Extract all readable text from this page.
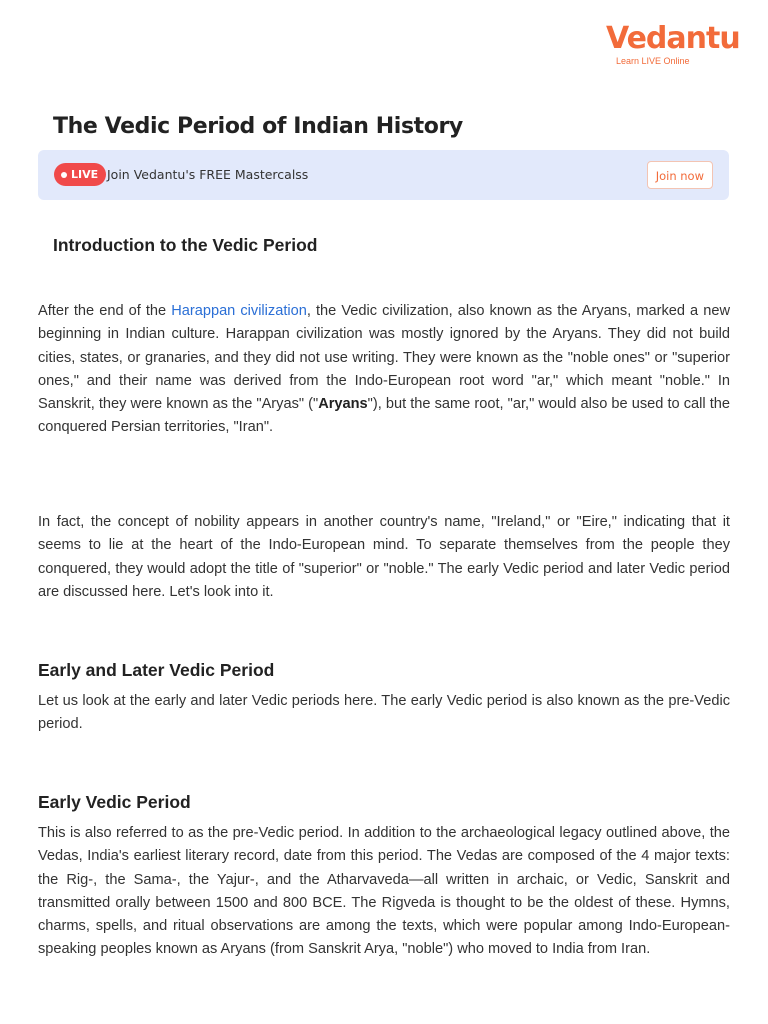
Vedantu
Learn LIVE Online
The Vedic Period of Indian History
LIVE Join Vedantu's FREE Mastercalss	Join now
Introduction to the Vedic Period

After the end of the Harappan civilization, the Vedic civilization, also known as the Aryans, marked a new beginning in Indian culture. Harappan civilization was mostly ignored by the Aryans. They did not build cities, states, or granaries, and they did not use writing. They were known as the "noble ones" or "superior ones," and their name was derived from the Indo-European root word "ar," which meant "noble." In Sanskrit, they were known as the "Aryas" ("Aryans"), but the same root, "ar," would also be used to call the conquered Persian territories, "Iran".

In fact, the concept of nobility appears in another country's name, "Ireland," or "Eire," indicating that it seems to lie at the heart of the Indo-European mind. To separate themselves from the people they conquered, they would adopt the title of "superior" or "noble." The early Vedic period and later Vedic period are discussed here. Let's look into it.

Early and Later Vedic Period

Let us look at the early and later Vedic periods here. The early Vedic period is also known as the pre-Vedic period.

Early Vedic Period

This is also referred to as the pre-Vedic period. In addition to the archaeological legacy outlined above, the Vedas, India's earliest literary record, date from this period. The Vedas are composed of the 4 major texts: the Rig-, the Sama-, the Yajur-, and the Atharvaveda—all written in archaic, or Vedic, Sanskrit and transmitted orally between 1500 and 800 BCE. The Rigveda is thought to be the oldest of these. Hymns, charms, spells, and ritual observations are among the texts, which were popular among Indo-European-speaking peoples known as Aryans (from Sanskrit Arya, "noble") who moved to India from Iran.
